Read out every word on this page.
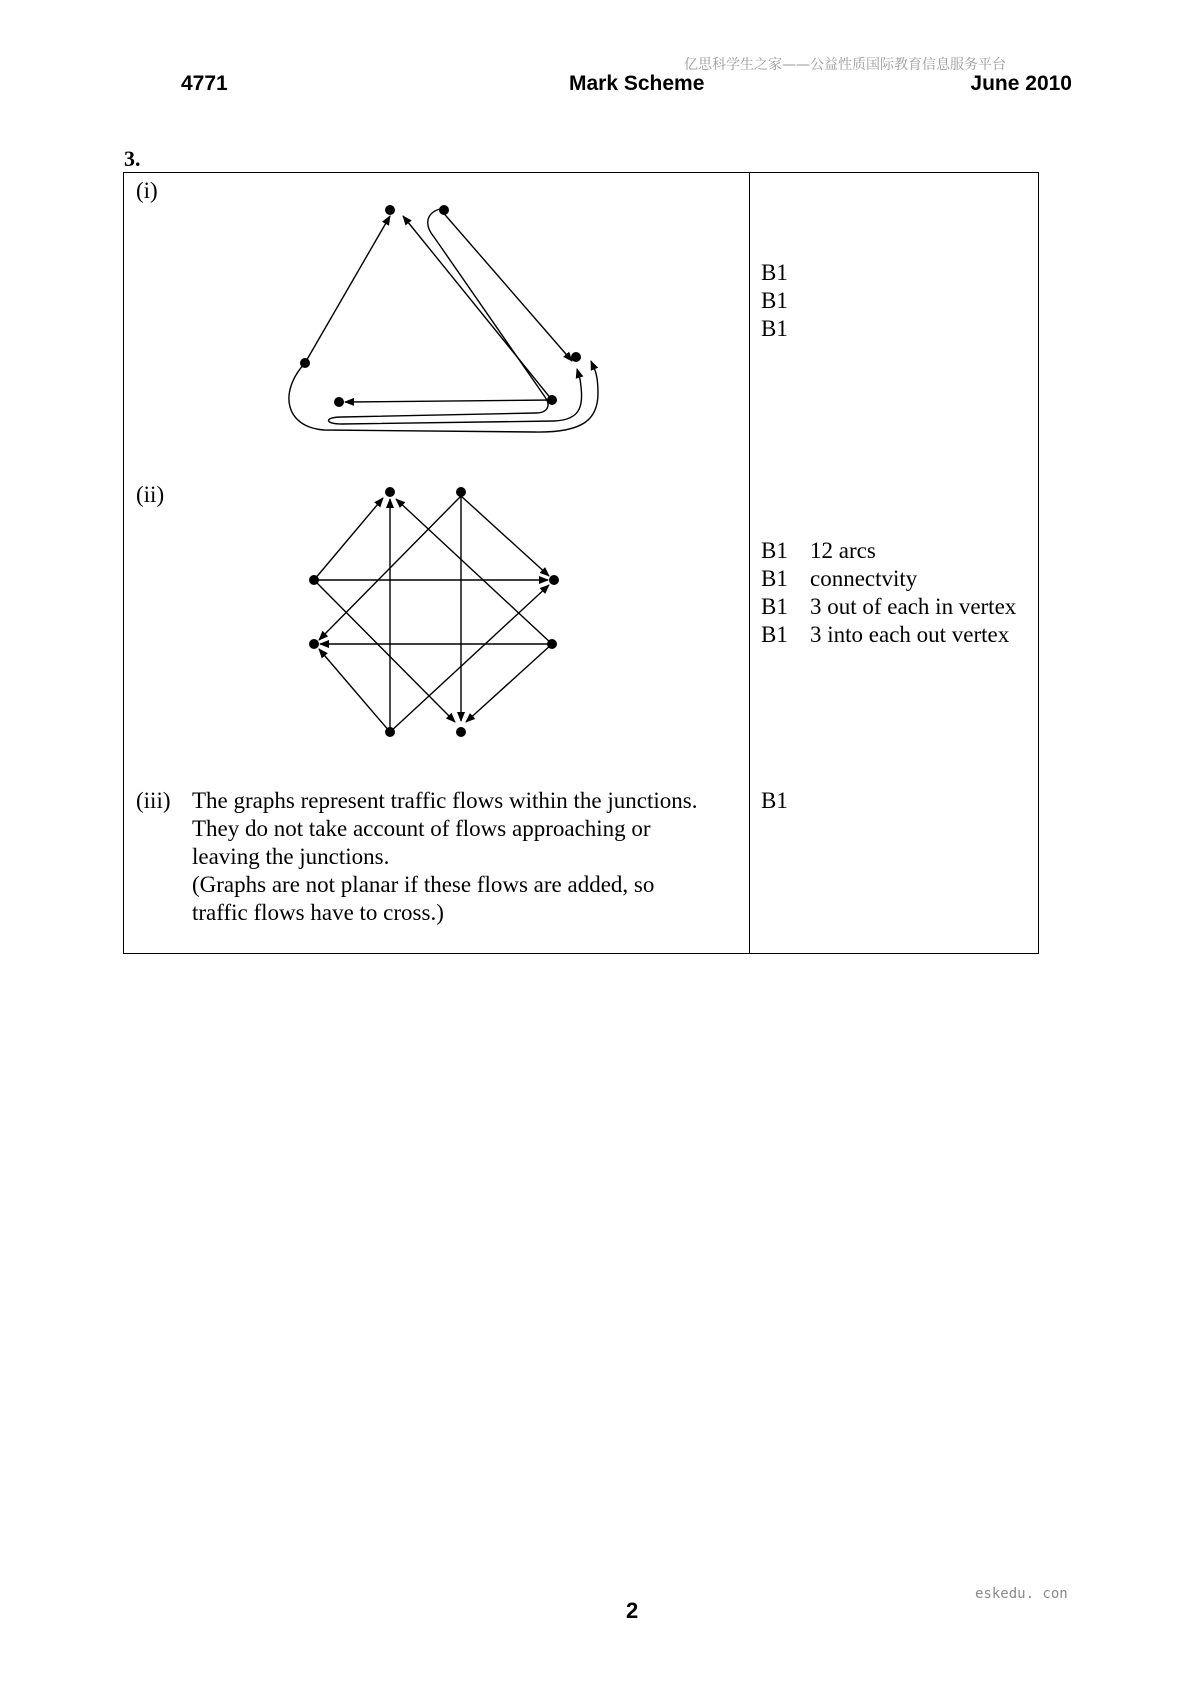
亿思科学生之家——公益性质国际教育信息服务平台
4771	Mark Scheme	June 2010
3.
(i)
B1
B1
B1
(ii)
B1 12 arcs
B1 connectvity
B1 3 out of each in vertex
B1 3 into each out vertex
(iii) The graphs represent traffic flows within the junctions.
They do not take account of flows approaching or
leaving the junctions.
(Graphs are not planar if these flows are added, so
traffic flows have to cross.)
B1
2
eskedu. con
